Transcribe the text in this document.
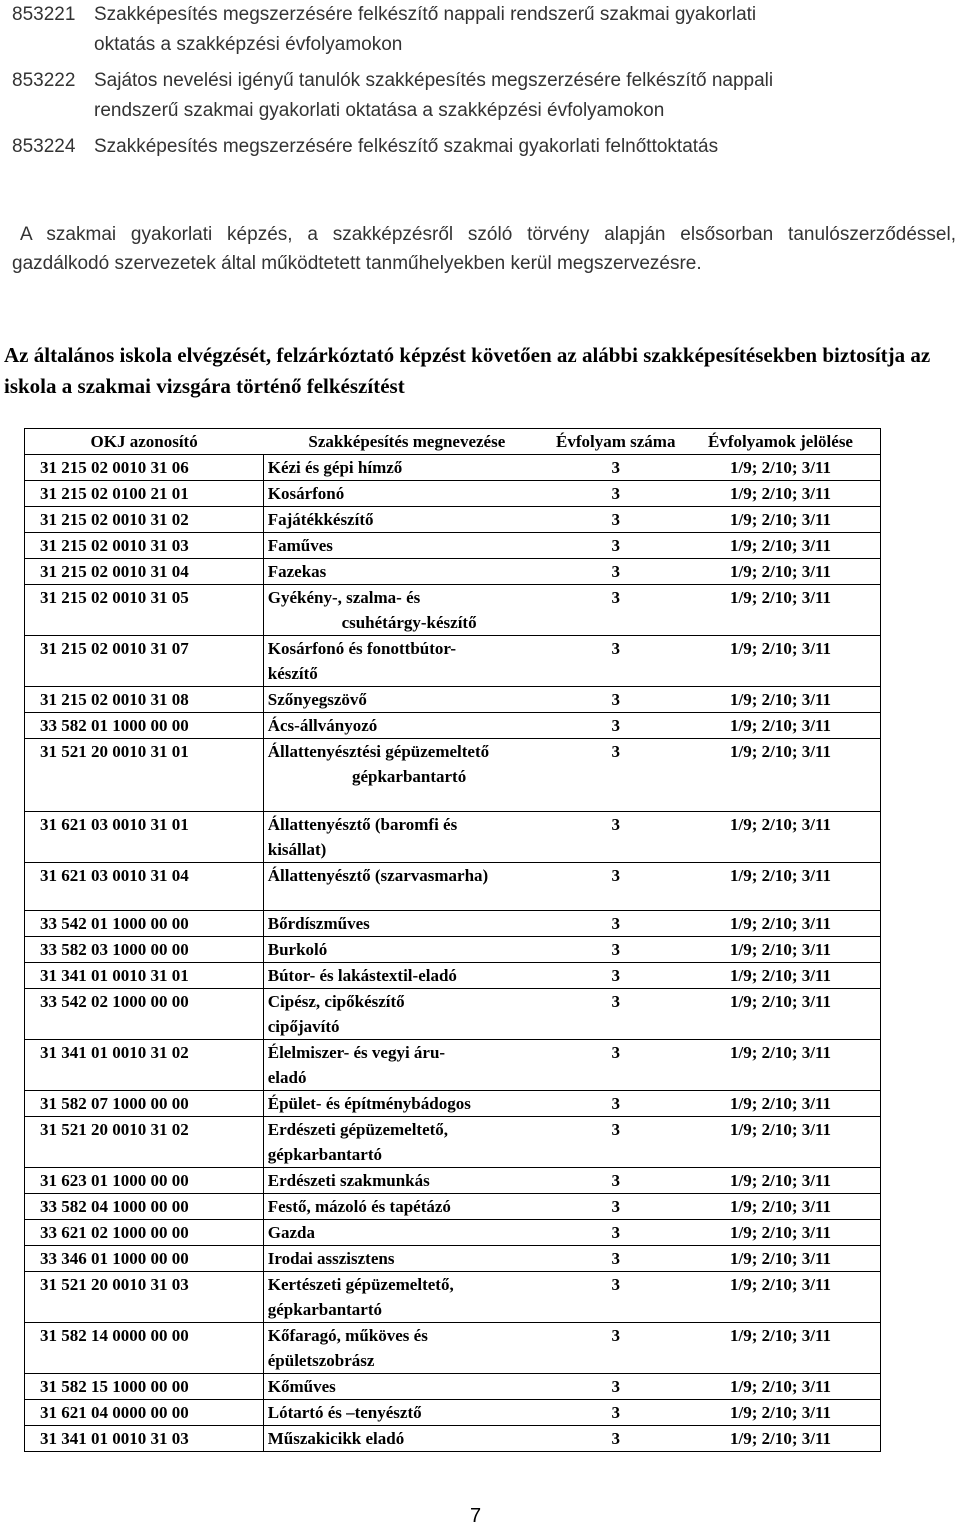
853221 Szakképesítés megszerzésére felkészítő nappali rendszerű szakmai gyakorlati
oktatás a szakképzési évfolyamokon
853222 Sajátos nevelési igényű tanulók szakképesítés megszerzésére felkészítő nappali
rendszerű szakmai gyakorlati oktatása a szakképzési évfolyamokon
853224 Szakképesítés megszerzésére felkészítő szakmai gyakorlati felnőttoktatás
A szakmai gyakorlati képzés, a szakképzésről szóló törvény alapján elsősorban tanulószerződéssel, gazdálkodó szervezetek által működtetett tanműhelyekben kerül megszervezésre.
Az általános iskola elvégzését, felzárkóztató képzést követően az alábbi szakképesítésekben biztosítja az iskola a szakmai vizsgára történő felkészítést
OKJ azonosító	Szakképesítés megnevezése	Évfolyam száma	Évfolyamok jelölése
31 215 02 0010 31 06	Kézi és gépi hímző	3	1/9; 2/10; 3/11
31 215 02 0100 21 01	Kosárfonó	3	1/9; 2/10; 3/11
31 215 02 0010 31 02	Fajátékkészítő	3	1/9; 2/10; 3/11
31 215 02 0010 31 03	Faműves	3	1/9; 2/10; 3/11
31 215 02 0010 31 04	Fazekas	3	1/9; 2/10; 3/11
31 215 02 0010 31 05	Gyékény-, szalma- és
csuhétárgy-készítő	3	1/9; 2/10; 3/11
31 215 02 0010 31 07	Kosárfonó és fonottbútor-
készítő	3	1/9; 2/10; 3/11
31 215 02 0010 31 08	Szőnyegszövő	3	1/9; 2/10; 3/11
33 582 01 1000 00 00	Ács-állványozó	3	1/9; 2/10; 3/11
31 521 20 0010 31 01	Állattenyésztési gépüzemeltető
gépkarbantartó	3	1/9; 2/10; 3/11

31 621 03 0010 31 01	Állattenyésztő (baromfi és
kisállat)	3	1/9; 2/10; 3/11
31 621 03 0010 31 04	Állattenyésztő (szarvasmarha)	3	1/9; 2/10; 3/11

33 542 01 1000 00 00	Bőrdíszműves	3	1/9; 2/10; 3/11
33 582 03 1000 00 00	Burkoló	3	1/9; 2/10; 3/11
31 341 01 0010 31 01	Bútor- és lakástextil-eladó	3	1/9; 2/10; 3/11
33 542 02 1000 00 00	Cipész, cipőkészítő
cipőjavító	3	1/9; 2/10; 3/11
31 341 01 0010 31 02	Élelmiszer- és vegyi áru-
eladó	3	1/9; 2/10; 3/11
31 582 07 1000 00 00	Épület- és építménybádogos	3	1/9; 2/10; 3/11
31 521 20 0010 31 02	Erdészeti gépüzemeltető,
gépkarbantartó	3	1/9; 2/10; 3/11
31 623 01 1000 00 00	Erdészeti szakmunkás	3	1/9; 2/10; 3/11
33 582 04 1000 00 00	Festő, mázoló és tapétázó	3	1/9; 2/10; 3/11
33 621 02 1000 00 00	Gazda	3	1/9; 2/10; 3/11
33 346 01 1000 00 00	Irodai asszisztens	3	1/9; 2/10; 3/11
31 521 20 0010 31 03	Kertészeti gépüzemeltető,
gépkarbantartó	3	1/9; 2/10; 3/11
31 582 14 0000 00 00	Kőfaragó, műköves és
épületszobrász	3	1/9; 2/10; 3/11
31 582 15 1000 00 00	Kőműves	3	1/9; 2/10; 3/11
31 621 04 0000 00 00	Lótartó és –tenyésztő	3	1/9; 2/10; 3/11
31 341 01 0010 31 03	Műszakicikk eladó	3	1/9; 2/10; 3/11
7
